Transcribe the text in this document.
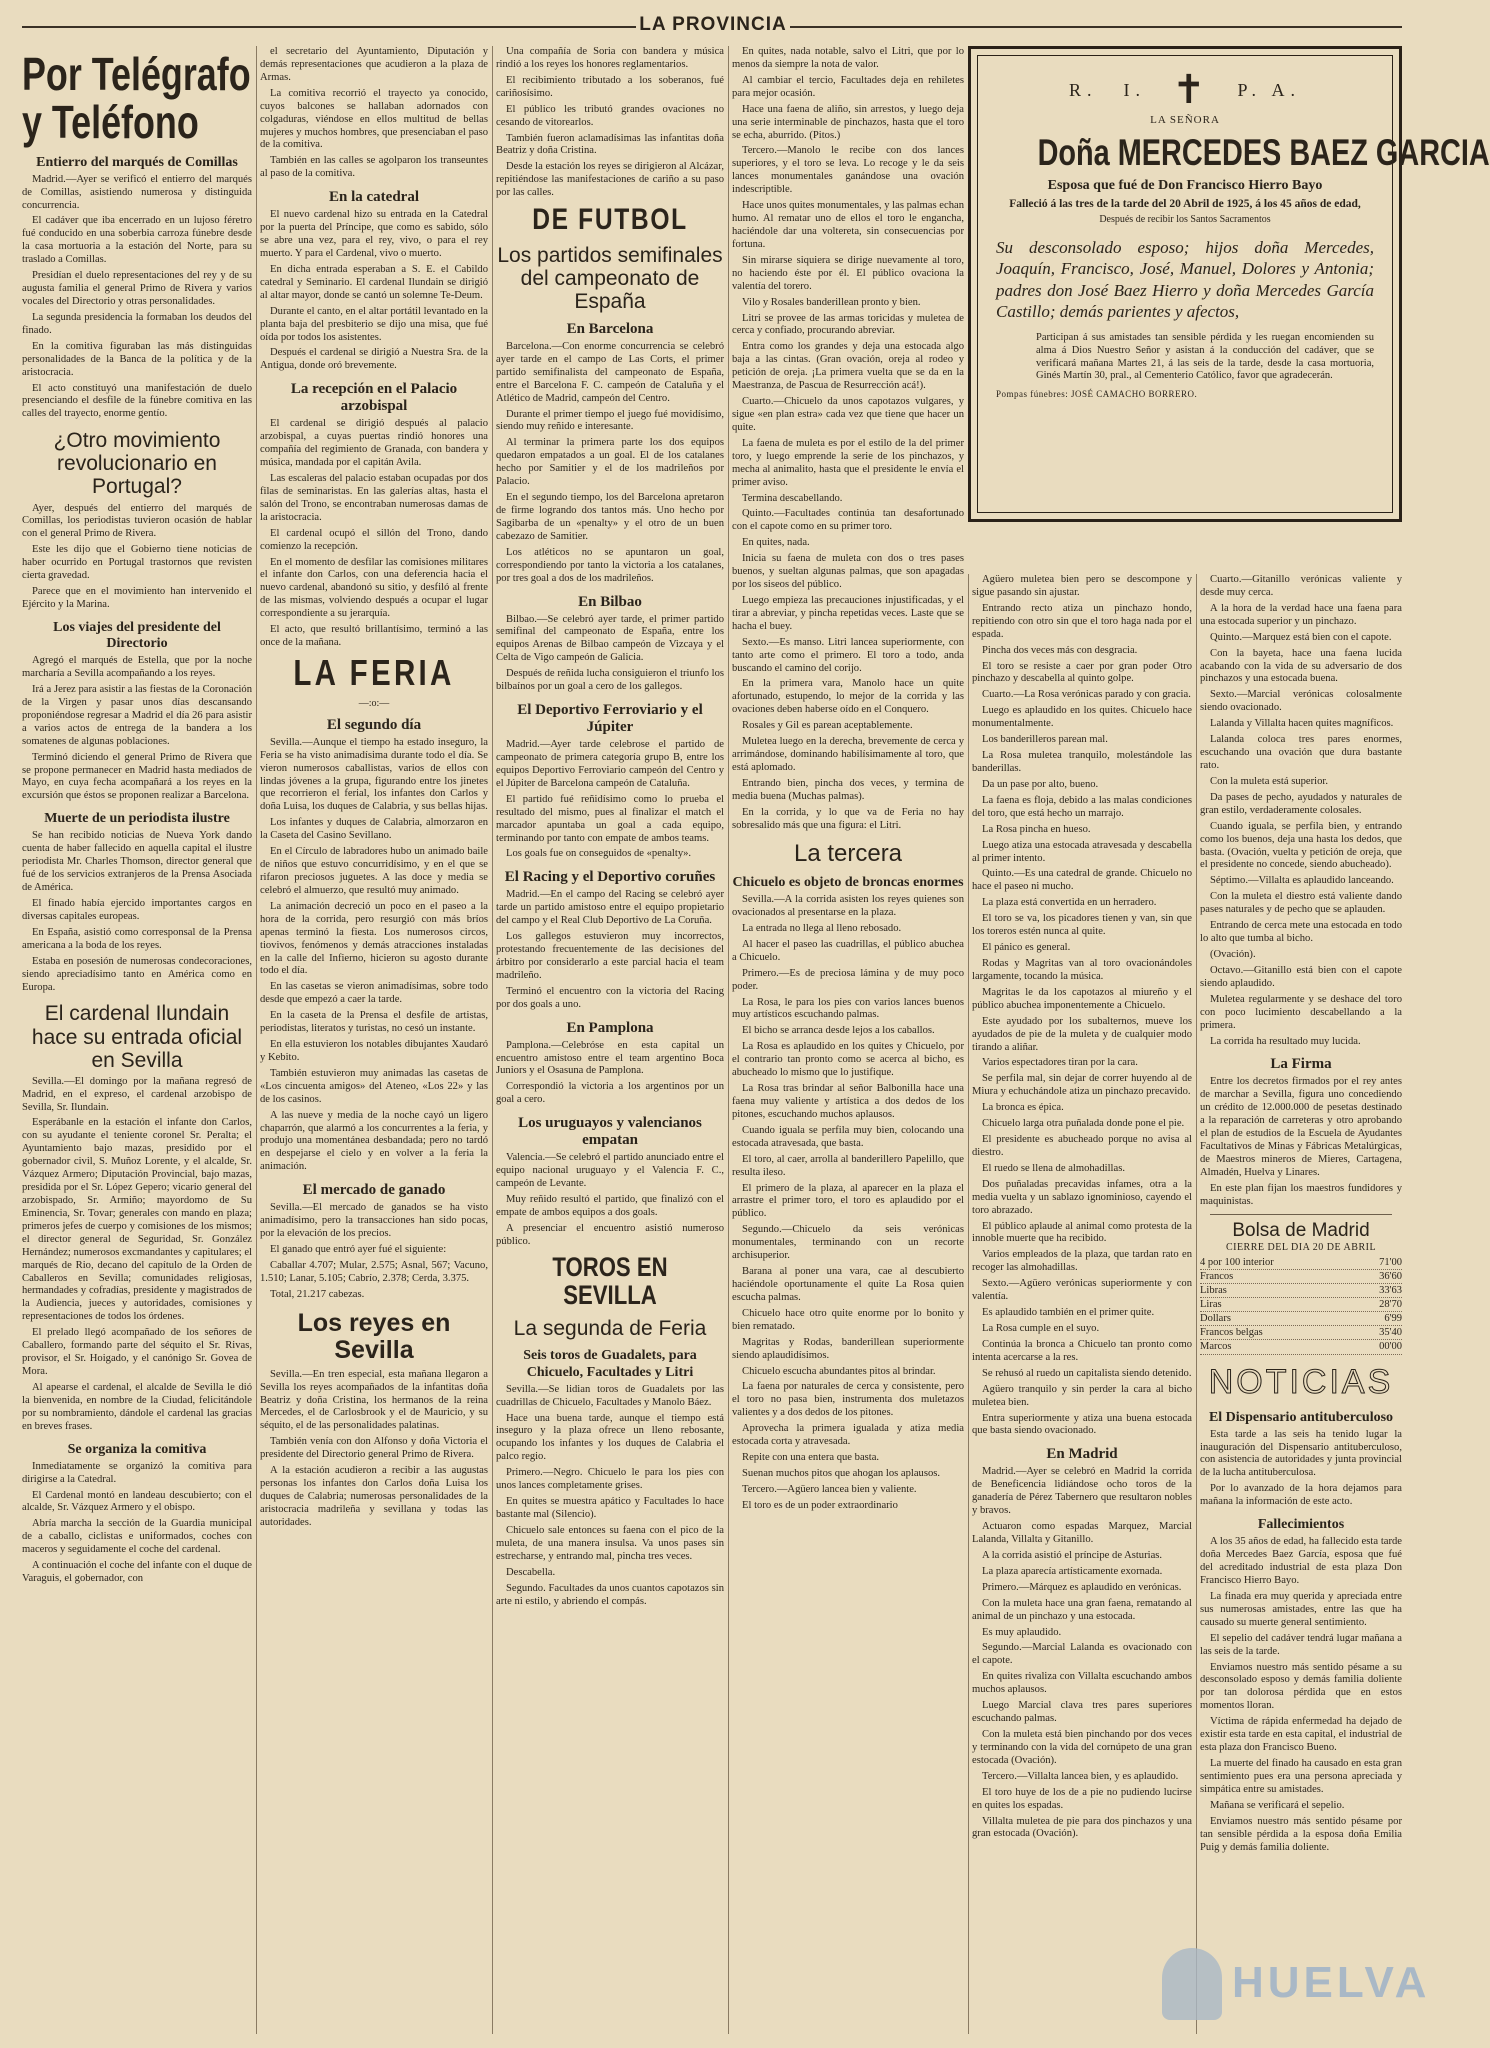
LA PROVINCIA
Por Telégrafo y Teléfono
Entierro del marqués de Comillas

Madrid.—Ayer se verificó el entierro del marqués de Comillas, asistiendo numerosa y distinguida concurrencia.

El cadáver que iba encerrado en un lujoso féretro fué conducido en una soberbia carroza fúnebre desde la casa mortuoria a la estación del Norte, para su traslado a Comillas.

Presidían el duelo representaciones del rey y de su augusta familia el general Primo de Rivera y varios vocales del Directorio y otras personalidades.

La segunda presidencia la formaban los deudos del finado.

En la comitiva figuraban las más distinguidas personalidades de la Banca de la política y de la aristocracia.

El acto constituyó una manifestación de duelo presenciando el desfile de la fúnebre comitiva en las calles del trayecto, enorme gentío.

¿Otro movimiento revolucionario en Portugal?

Ayer, después del entierro del marqués de Comillas, los periodistas tuvieron ocasión de hablar con el general Primo de Rivera.

Este les dijo que el Gobierno tiene noticias de haber ocurrido en Portugal trastornos que revisten cierta gravedad.

Parece que en el movimiento han intervenido el Ejército y la Marina.

Los viajes del presidente del Directorio

Agregó el marqués de Estella, que por la noche marcharía a Sevilla acompañando a los reyes.

Irá a Jerez para asistir a las fiestas de la Coronación de la Virgen y pasar unos días descansando proponiéndose regresar a Madrid el día 26 para asistir a varios actos de entrega de la bandera a los somatenes de algunas poblaciones.

Terminó diciendo el general Primo de Rivera que se propone permanecer en Madrid hasta mediados de Mayo, en cuya fecha acompañará a los reyes en la excursión que éstos se proponen realizar a Barcelona.

Muerte de un periodista ilustre

Se han recibido noticias de Nueva York dando cuenta de haber fallecido en aquella capital el ilustre periodista Mr. Charles Thomson, director general que fué de los servicios extranjeros de la Prensa Asociada de América.

El finado había ejercido importantes cargos en diversas capitales europeas.

En España, asistió como corresponsal de la Prensa americana a la boda de los reyes.

Estaba en posesión de numerosas condecoraciones, siendo apreciadísimo tanto en América como en Europa.

El cardenal Ilundain hace su entrada oficial en Sevilla

Sevilla.—El domingo por la mañana regresó de Madrid, en el expreso, el cardenal arzobispo de Sevilla, Sr. Ilundain.

Esperábanle en la estación el infante don Carlos, con su ayudante el teniente coronel Sr. Peralta; el Ayuntamiento bajo mazas, presidido por el gobernador civil, S. Muñoz Lorente, y el alcalde, Sr. Vázquez Armero; Diputación Provincial, bajo mazas, presidida por el Sr. López Gepero; vicario general del arzobispado, Sr. Armiño; mayordomo de Su Eminencia, Sr. Tovar; generales con mando en plaza; primeros jefes de cuerpo y comisiones de los mismos; el director general de Seguridad, Sr. González Hernández; numerosos excmandantes y capitulares; el marqués de Rio, decano del capítulo de la Orden de Caballeros en Sevilla; comunidades religiosas, hermandades y cofradías, presidente y magistrados de la Audiencia, jueces y autoridades, comisiones y representaciones de todos los órdenes.

El prelado llegó acompañado de los señores de Caballero, formando parte del séquito el Sr. Rivas, provisor, el Sr. Hoigado, y el canónigo Sr. Govea de Mora.

Al apearse el cardenal, el alcalde de Sevilla le dió la bienvenida, en nombre de la Ciudad, felicitándole por su nombramiento, dándole el cardenal las gracias en breves frases.

Se organiza la comitiva

Inmediatamente se organizó la comitiva para dirigirse a la Catedral.

El Cardenal montó en landeau descubierto; con el alcalde, Sr. Vázquez Armero y el obispo.

Abría marcha la sección de la Guardia municipal de a caballo, ciclistas e uniformados, coches con maceros y seguidamente el coche del cardenal.

A continuación el coche del infante con el duque de Varaguis, el gobernador, con

el secretario del Ayuntamiento, Diputación y demás representaciones que acudieron a la plaza de Armas.

La comitiva recorrió el trayecto ya conocido, cuyos balcones se hallaban adornados con colgaduras, viéndose en ellos multitud de bellas mujeres y muchos hombres, que presenciaban el paso de la comitiva.

También en las calles se agolparon los transeuntes al paso de la comitiva.

En la catedral

El nuevo cardenal hizo su entrada en la Catedral por la puerta del Príncipe, que como es sabido, sólo se abre una vez, para el rey, vivo, o para el rey muerto. Y para el Cardenal, vivo o muerto.

En dicha entrada esperaban a S. E. el Cabildo catedral y Seminario. El cardenal Ilundain se dirigió al altar mayor, donde se cantó un solemne Te-Deum.

Durante el canto, en el altar portátil levantado en la planta baja del presbiterio se dijo una misa, que fué oída por todos los asistentes.

Después el cardenal se dirigió a Nuestra Sra. de la Antigua, donde oró brevemente.

La recepción en el Palacio arzobispal

El cardenal se dirigió después al palacio arzobispal, a cuyas puertas rindió honores una compañía del regimiento de Granada, con bandera y música, mandada por el capitán Avila.

Las escaleras del palacio estaban ocupadas por dos filas de seminaristas. En las galerías altas, hasta el salón del Trono, se encontraban numerosas damas de la aristocracia.

El cardenal ocupó el sillón del Trono, dando comienzo la recepción.

En el momento de desfilar las comisiones militares el infante don Carlos, con una deferencia hacia el nuevo cardenal, abandonó su sitio, y desfiló al frente de las mismas, volviendo después a ocupar el lugar correspondiente a su jerarquía.

El acto, que resultó brillantísimo, terminó a las once de la mañana.

LA FERIA
—:o:—
El segundo día

Sevilla.—Aunque el tiempo ha estado inseguro, la Feria se ha visto animadísima durante todo el día. Se vieron numerosos caballistas, varios de ellos con lindas jóvenes a la grupa, figurando entre los jinetes que recorrieron el ferial, los infantes don Carlos y doña Luisa, los duques de Calabria, y sus bellas hijas.

Los infantes y duques de Calabria, almorzaron en la Caseta del Casino Sevillano.

En el Círculo de labradores hubo un animado baile de niños que estuvo concurridísimo, y en el que se rifaron preciosos juguetes. A las doce y media se celebró el almuerzo, que resultó muy animado.

La animación decreció un poco en el paseo a la hora de la corrida, pero resurgió con más bríos apenas terminó la fiesta. Los numerosos circos, tiovivos, fenómenos y demás atracciones instaladas en la calle del Infierno, hicieron su agosto durante todo el día.

En las casetas se vieron animadísimas, sobre todo desde que empezó a caer la tarde.

En la caseta de la Prensa el desfile de artistas, periodistas, literatos y turistas, no cesó un instante.

En ella estuvieron los notables dibujantes Xaudaró y Kebito.

También estuvieron muy animadas las casetas de «Los cincuenta amigos» del Ateneo, «Los 22» y las de los casinos.

A las nueve y media de la noche cayó un ligero chaparrón, que alarmó a los concurrentes a la feria, y produjo una momentánea desbandada; pero no tardó en despejarse el cielo y en volver a la feria la animación.

El mercado de ganado

Sevilla.—El mercado de ganados se ha visto animadísimo, pero la transacciones han sido pocas, por la elevación de los precios.

El ganado que entró ayer fué el siguiente:

Caballar 4.707; Mular, 2.575; Asnal, 567; Vacuno, 1.510; Lanar, 5.105; Cabrío, 2.378; Cerda, 3.375.

Total, 21.217 cabezas.

Los reyes en Sevilla

Sevilla.—En tren especial, esta mañana llegaron a Sevilla los reyes acompañados de la infantitas doña Beatriz y doña Cristina, los hermanos de la reina Mercedes, el de Carlosbrook y el de Mauricio, y su séquito, el de las personalidades palatinas.

También venía con don Alfonso y doña Victoria el presidente del Directorio general Primo de Rivera.

A la estación acudieron a recibir a las augustas personas los infantes don Carlos doña Luisa los duques de Calabria; numerosas personalidades de la aristocracia madrileña y sevillana y todas las autoridades.

Una compañía de Soria con bandera y música rindió a los reyes los honores reglamentarios.

El recibimiento tributado a los soberanos, fué cariñosísimo.

El público les tributó grandes ovaciones no cesando de vitorearlos.

También fueron aclamadísimas las infantitas doña Beatriz y doña Cristina.

Desde la estación los reyes se dirigieron al Alcázar, repitiéndose las manifestaciones de cariño a su paso por las calles.

DE FUTBOL
Los partidos semifinales del campeonato de España
En Barcelona

Barcelona.—Con enorme concurrencia se celebró ayer tarde en el campo de Las Corts, el primer partido semifinalista del campeonato de España, entre el Barcelona F. C. campeón de Cataluña y el Atlético de Madrid, campeón del Centro.

Durante el primer tiempo el juego fué movidísimo, siendo muy reñido e interesante.

Al terminar la primera parte los dos equipos quedaron empatados a un goal. El de los catalanes hecho por Samitier y el de los madrileños por Palacio.

En el segundo tiempo, los del Barcelona apretaron de firme logrando dos tantos más. Uno hecho por Sagibarba de un «penalty» y el otro de un buen cabezazo de Samitier.

Los atléticos no se apuntaron un goal, correspondiendo por tanto la victoria a los catalanes, por tres goal a dos de los madrileños.

En Bilbao

Bilbao.—Se celebró ayer tarde, el primer partido semifinal del campeonato de España, entre los equipos Arenas de Bilbao campeón de Vizcaya y el Celta de Vigo campeón de Galicia.

Después de reñida lucha consiguieron el triunfo los bilbaínos por un goal a cero de los gallegos.

El Deportivo Ferroviario y el Júpiter

Madrid.—Ayer tarde celebrose el partido de campeonato de primera categoría grupo B, entre los equipos Deportivo Ferroviario campeón del Centro y el Júpiter de Barcelona campeón de Cataluña.

El partido fué reñidísimo como lo prueba el resultado del mismo, pues al finalizar el match el marcador apuntaba un goal a cada equipo, terminando por tanto con empate de ambos teams.

Los goals fue on conseguidos de «penalty».

El Racing y el Deportivo coruñes

Madrid.—En el campo del Racing se celebró ayer tarde un partido amistoso entre el equipo propietario del campo y el Real Club Deportivo de La Coruña.

Los gallegos estuvieron muy incorrectos, protestando frecuentemente de las decisiones del árbitro por considerarlo a este parcial hacia el team madrileño.

Terminó el encuentro con la victoria del Racing por dos goals a uno.

En Pamplona

Pamplona.—Celebróse en esta capital un encuentro amistoso entre el team argentino Boca Juniors y el Osasuna de Pamplona.

Correspondió la victoria a los argentinos por un goal a cero.

Los uruguayos y valencianos empatan

Valencia.—Se celebró el partido anunciado entre el equipo nacional uruguayo y el Valencia F. C., campeón de Levante.

Muy reñido resultó el partido, que finalizó con el empate de ambos equipos a dos goals.

A presenciar el encuentro asistió numeroso público.

TOROS EN SEVILLA
La segunda de Feria
Seis toros de Guadalets, para Chicuelo, Facultades y Litri

Sevilla.—Se lidian toros de Guadalets por las cuadrillas de Chicuelo, Facultades y Manolo Báez.

Hace una buena tarde, aunque el tiempo está inseguro y la plaza ofrece un lleno rebosante, ocupando los infantes y los duques de Calabria el palco regio.

Primero.—Negro. Chicuelo le para los pies con unos lances completamente grises.

En quites se muestra apático y Facultades lo hace bastante mal (Silencio).

Chicuelo sale entonces su faena con el pico de la muleta, de una manera insulsa. Va unos pases sin estrecharse, y entrando mal, pincha tres veces.

Descabella.

Segundo. Facultades da unos cuantos capotazos sin arte ni estilo, y abriendo el compás.

En quites, nada notable, salvo el Litri, que por lo menos da siempre la nota de valor.

Al cambiar el tercio, Facultades deja en rehiletes para mejor ocasión.

Hace una faena de aliño, sin arrestos, y luego deja una serie interminable de pinchazos, hasta que el toro se echa, aburrido. (Pitos.)

Tercero.—Manolo le recibe con dos lances superiores, y el toro se leva. Lo recoge y le da seis lances monumentales ganándose una ovación indescriptible.

Hace unos quites monumentales, y las palmas echan humo. Al rematar uno de ellos el toro le engancha, haciéndole dar una voltereta, sin consecuencias por fortuna.

Sin mirarse siquiera se dirige nuevamente al toro, no haciendo éste por él. El público ovaciona la valentía del torero.

Vilo y Rosales banderillean pronto y bien.

Litri se provee de las armas toricidas y muletea de cerca y confiado, procurando abreviar.

Entra como los grandes y deja una estocada algo baja a las cintas. (Gran ovación, oreja al rodeo y petición de oreja. ¡La primera vuelta que se da en la Maestranza, de Pascua de Resurrección acá!).

Cuarto.—Chicuelo da unos capotazos vulgares, y sigue «en plan estra» cada vez que tiene que hacer un quite.

La faena de muleta es por el estilo de la del primer toro, y luego emprende la serie de los pinchazos, y mecha al animalito, hasta que el presidente le envía el primer aviso.

Termina descabellando.

Quinto.—Facultades continúa tan desafortunado con el capote como en su primer toro.

En quites, nada.

Inicia su faena de muleta con dos o tres pases buenos, y sueltan algunas palmas, que son apagadas por los siseos del público.

Luego empieza las precauciones injustificadas, y el tirar a abreviar, y pincha repetidas veces. Laste que se hacha el buey.

Sexto.—Es manso. Litri lancea superiormente, con tanto arte como el primero. El toro a todo, anda buscando el camino del corijo.

En la primera vara, Manolo hace un quite afortunado, estupendo, lo mejor de la corrida y las ovaciones deben haberse oído en el Conquero.

Rosales y Gil es parean aceptablemente.

Muletea luego en la derecha, brevemente de cerca y arrimándose, dominando habilísimamente al toro, que está aplomado.

Entrando bien, pincha dos veces, y termina de media buena (Muchas palmas).

En la corrida, y lo que va de Feria no hay sobresalido más que una figura: el Litri.

La tercera
Chicuelo es objeto de broncas enormes

Sevilla.—A la corrida asisten los reyes quienes son ovacionados al presentarse en la plaza.

La entrada no llega al lleno rebosado.

Al hacer el paseo las cuadrillas, el público abuchea a Chicuelo.

Primero.—Es de preciosa lámina y de muy poco poder.

La Rosa, le para los pies con varios lances buenos muy artísticos escuchando palmas.

El bicho se arranca desde lejos a los caballos.

La Rosa es aplaudido en los quites y Chicuelo, por el contrario tan pronto como se acerca al bicho, es abucheado lo mismo que lo justifique.

La Rosa tras brindar al señor Balbonilla hace una faena muy valiente y artística a dos dedos de los pitones, escuchando muchos aplausos.

Cuando iguala se perfila muy bien, colocando una estocada atravesada, que basta.

El toro, al caer, arrolla al banderillero Papelillo, que resulta ileso.

El primero de la plaza, al aparecer en la plaza el arrastre el primer toro, el toro es aplaudido por el público.

Segundo.—Chicuelo da seis verónicas monumentales, terminando con un recorte archisuperior.

Barana al poner una vara, cae al descubierto haciéndole oportunamente el quite La Rosa quien escucha palmas.

Chicuelo hace otro quite enorme por lo bonito y bien rematado.

Magritas y Rodas, banderillean superiormente siendo aplaudidísimos.

Chicuelo escucha abundantes pitos al brindar.

La faena por naturales de cerca y consistente, pero el toro no pasa bien, instrumenta dos muletazos valientes y a dos dedos de los pitones.

Aprovecha la primera igualada y atiza media estocada corta y atravesada.

Repite con una entera que basta.

Suenan muchos pitos que ahogan los aplausos.

Tercero.—Agüero lancea bien y valiente.

El toro es de un poder extraordinario

R. I. ✝ P. A.
LA SEÑORA
Doña MERCEDES BAEZ GARCIA
Esposa que fué de Don Francisco Hierro Bayo
Falleció á las tres de la tarde del 20 Abril de 1925, á los 45 años de edad,
Después de recibir los Santos Sacramentos
Su desconsolado esposo; hijos doña Mercedes, Joaquín, Francisco, José, Manuel, Dolores y Antonia; padres don José Baez Hierro y doña Mercedes García Castillo; demás parientes y afectos,
Participan á sus amistades tan sensible pérdida y les ruegan encomienden su alma á Dios Nuestro Señor y asistan á la conducción del cadáver, que se verificará mañana Martes 21, á las seis de la tarde, desde la casa mortuoria, Ginés Martín 30, pral., al Cementerio Católico, favor que agradecerán.
Pompas fúnebres: JOSÉ CAMACHO BORRERO.

Agüero muletea bien pero se descompone y sigue pasando sin ajustar.

Entrando recto atiza un pinchazo hondo, repitiendo con otro sin que el toro haga nada por el espada.

Pincha dos veces más con desgracia.

El toro se resiste a caer por gran poder Otro pinchazo y descabella al quinto golpe.

Cuarto.—La Rosa verónicas parado y con gracia.

Luego es aplaudido en los quites. Chicuelo hace monumentalmente.

Los banderilleros parean mal.

La Rosa muletea tranquilo, molestándole las banderillas.

Da un pase por alto, bueno.

La faena es floja, debido a las malas condiciones del toro, que está hecho un marrajo.

La Rosa pincha en hueso.

Luego atiza una estocada atravesada y descabella al primer intento.

Quinto.—Es una catedral de grande. Chicuelo no hace el paseo ni mucho.

La plaza está convertida en un herradero.

El toro se va, los picadores tienen y van, sin que los toreros estén nunca al quite.

El pánico es general.

Rodas y Magritas van al toro ovacionándoles largamente, tocando la música.

Magritas le da los capotazos al miureño y el público abuchea imponentemente a Chicuelo.

Este ayudado por los subalternos, mueve los ayudados de pie de la muleta y de cualquier modo tirando a aliñar.

Varios espectadores tiran por la cara.

Se perfila mal, sin dejar de correr huyendo al de Miura y echuchándole atiza un pinchazo precavido.

La bronca es épica.

Chicuelo larga otra puñalada donde pone el pie.

El presidente es abucheado porque no avisa al diestro.

El ruedo se llena de almohadillas.

Dos puñaladas precavidas infames, otra a la media vuelta y un sablazo ignominioso, cayendo el toro abrazado.

El público aplaude al animal como protesta de la innoble muerte que ha recibido.

Varios empleados de la plaza, que tardan rato en recoger las almohadillas.

Sexto.—Agüero verónicas superiormente y con valentía.

Es aplaudido también en el primer quite.

La Rosa cumple en el suyo.

Continúa la bronca a Chicuelo tan pronto como intenta acercarse a la res.

Se rehusó al ruedo un capitalista siendo detenido.

Agüero tranquilo y sin perder la cara al bicho muletea bien.

Entra superiormente y atiza una buena estocada que basta siendo ovacionado.

En Madrid

Madrid.—Ayer se celebró en Madrid la corrida de Beneficencia lidiándose ocho toros de la ganadería de Pérez Tabernero que resultaron nobles y bravos.

Actuaron como espadas Marquez, Marcial Lalanda, Villalta y Gitanillo.

A la corrida asistió el príncipe de Asturias.

La plaza aparecía artísticamente exornada.

Primero.—Márquez es aplaudido en verónicas.

Con la muleta hace una gran faena, rematando al animal de un pinchazo y una estocada.

Es muy aplaudido.

Segundo.—Marcial Lalanda es ovacionado con el capote.

En quites rivaliza con Villalta escuchando ambos muchos aplausos.

Luego Marcial clava tres pares superiores escuchando palmas.

Con la muleta está bien pinchando por dos veces y terminando con la vida del cornúpeto de una gran estocada (Ovación).

Tercero.—Villalta lancea bien, y es aplaudido.

El toro huye de los de a pie no pudiendo lucirse en quites los espadas.

Villalta muletea de pie para dos pinchazos y una gran estocada (Ovación).

Cuarto.—Gitanillo verónicas valiente y desde muy cerca.

A la hora de la verdad hace una faena para una estocada superior y un pinchazo.

Quinto.—Marquez está bien con el capote.

Con la bayeta, hace una faena lucida acabando con la vida de su adversario de dos pinchazos y una estocada buena.

Sexto.—Marcial verónicas colosalmente siendo ovacionado.

Lalanda y Villalta hacen quites magníficos.

Lalanda coloca tres pares enormes, escuchando una ovación que dura bastante rato.

Con la muleta está superior.

Da pases de pecho, ayudados y naturales de gran estilo, verdaderamente colosales.

Cuando iguala, se perfila bien, y entrando como los buenos, deja una hasta los dedos, que basta. (Ovación, vuelta y petición de oreja, que el presidente no concede, siendo abucheado).

Séptimo.—Villalta es aplaudido lanceando.

Con la muleta el diestro está valiente dando pases naturales y de pecho que se aplauden.

Entrando de cerca mete una estocada en todo lo alto que tumba al bicho.

(Ovación).

Octavo.—Gitanillo está bien con el capote siendo aplaudido.

Muletea regularmente y se deshace del toro con poco lucimiento descabellando a la primera.

La corrida ha resultado muy lucida.

La Firma

Entre los decretos firmados por el rey antes de marchar a Sevilla, figura uno concediendo un crédito de 12.000.000 de pesetas destinado a la reparación de carreteras y otro aprobando el plan de estudios de la Escuela de Ayudantes Facultativos de Minas y Fábricas Metalúrgicas, de Maestros mineros de Mieres, Cartagena, Almadén, Huelva y Linares.

En este plan fijan los maestros fundidores y maquinistas.

Bolsa de Madrid
CIERRE DEL DIA 20 DE ABRIL
4 por 100 interior	71'00
Francos	36'60
Libras	33'63
Liras	28'70
Dollars	6'99
Francos belgas	35'40
Marcos	00'00
NOTICIAS
El Dispensario antituberculoso

Esta tarde a las seis ha tenido lugar la inauguración del Dispensario antituberculoso, con asistencia de autoridades y junta provincial de la lucha antituberculosa.

Por lo avanzado de la hora dejamos para mañana la información de este acto.

Fallecimientos

A los 35 años de edad, ha fallecido esta tarde doña Mercedes Baez García, esposa que fué del acreditado industrial de esta plaza Don Francisco Hierro Bayo.

La finada era muy querida y apreciada entre sus numerosas amistades, entre las que ha causado su muerte general sentimiento.

El sepelio del cadáver tendrá lugar mañana a las seis de la tarde.

Enviamos nuestro más sentido pésame a su desconsolado esposo y demás familia doliente por tan dolorosa pérdida que en estos momentos lloran.

Víctima de rápida enfermedad ha dejado de existir esta tarde en esta capital, el industrial de esta plaza don Francisco Bueno.

La muerte del finado ha causado en esta gran sentimiento pues era una persona apreciada y simpática entre su amistades.

Mañana se verificará el sepelio.

Enviamos nuestro más sentido pésame por tan sensible pérdida a la esposa doña Emilia Puig y demás familia doliente.

HUELVA
